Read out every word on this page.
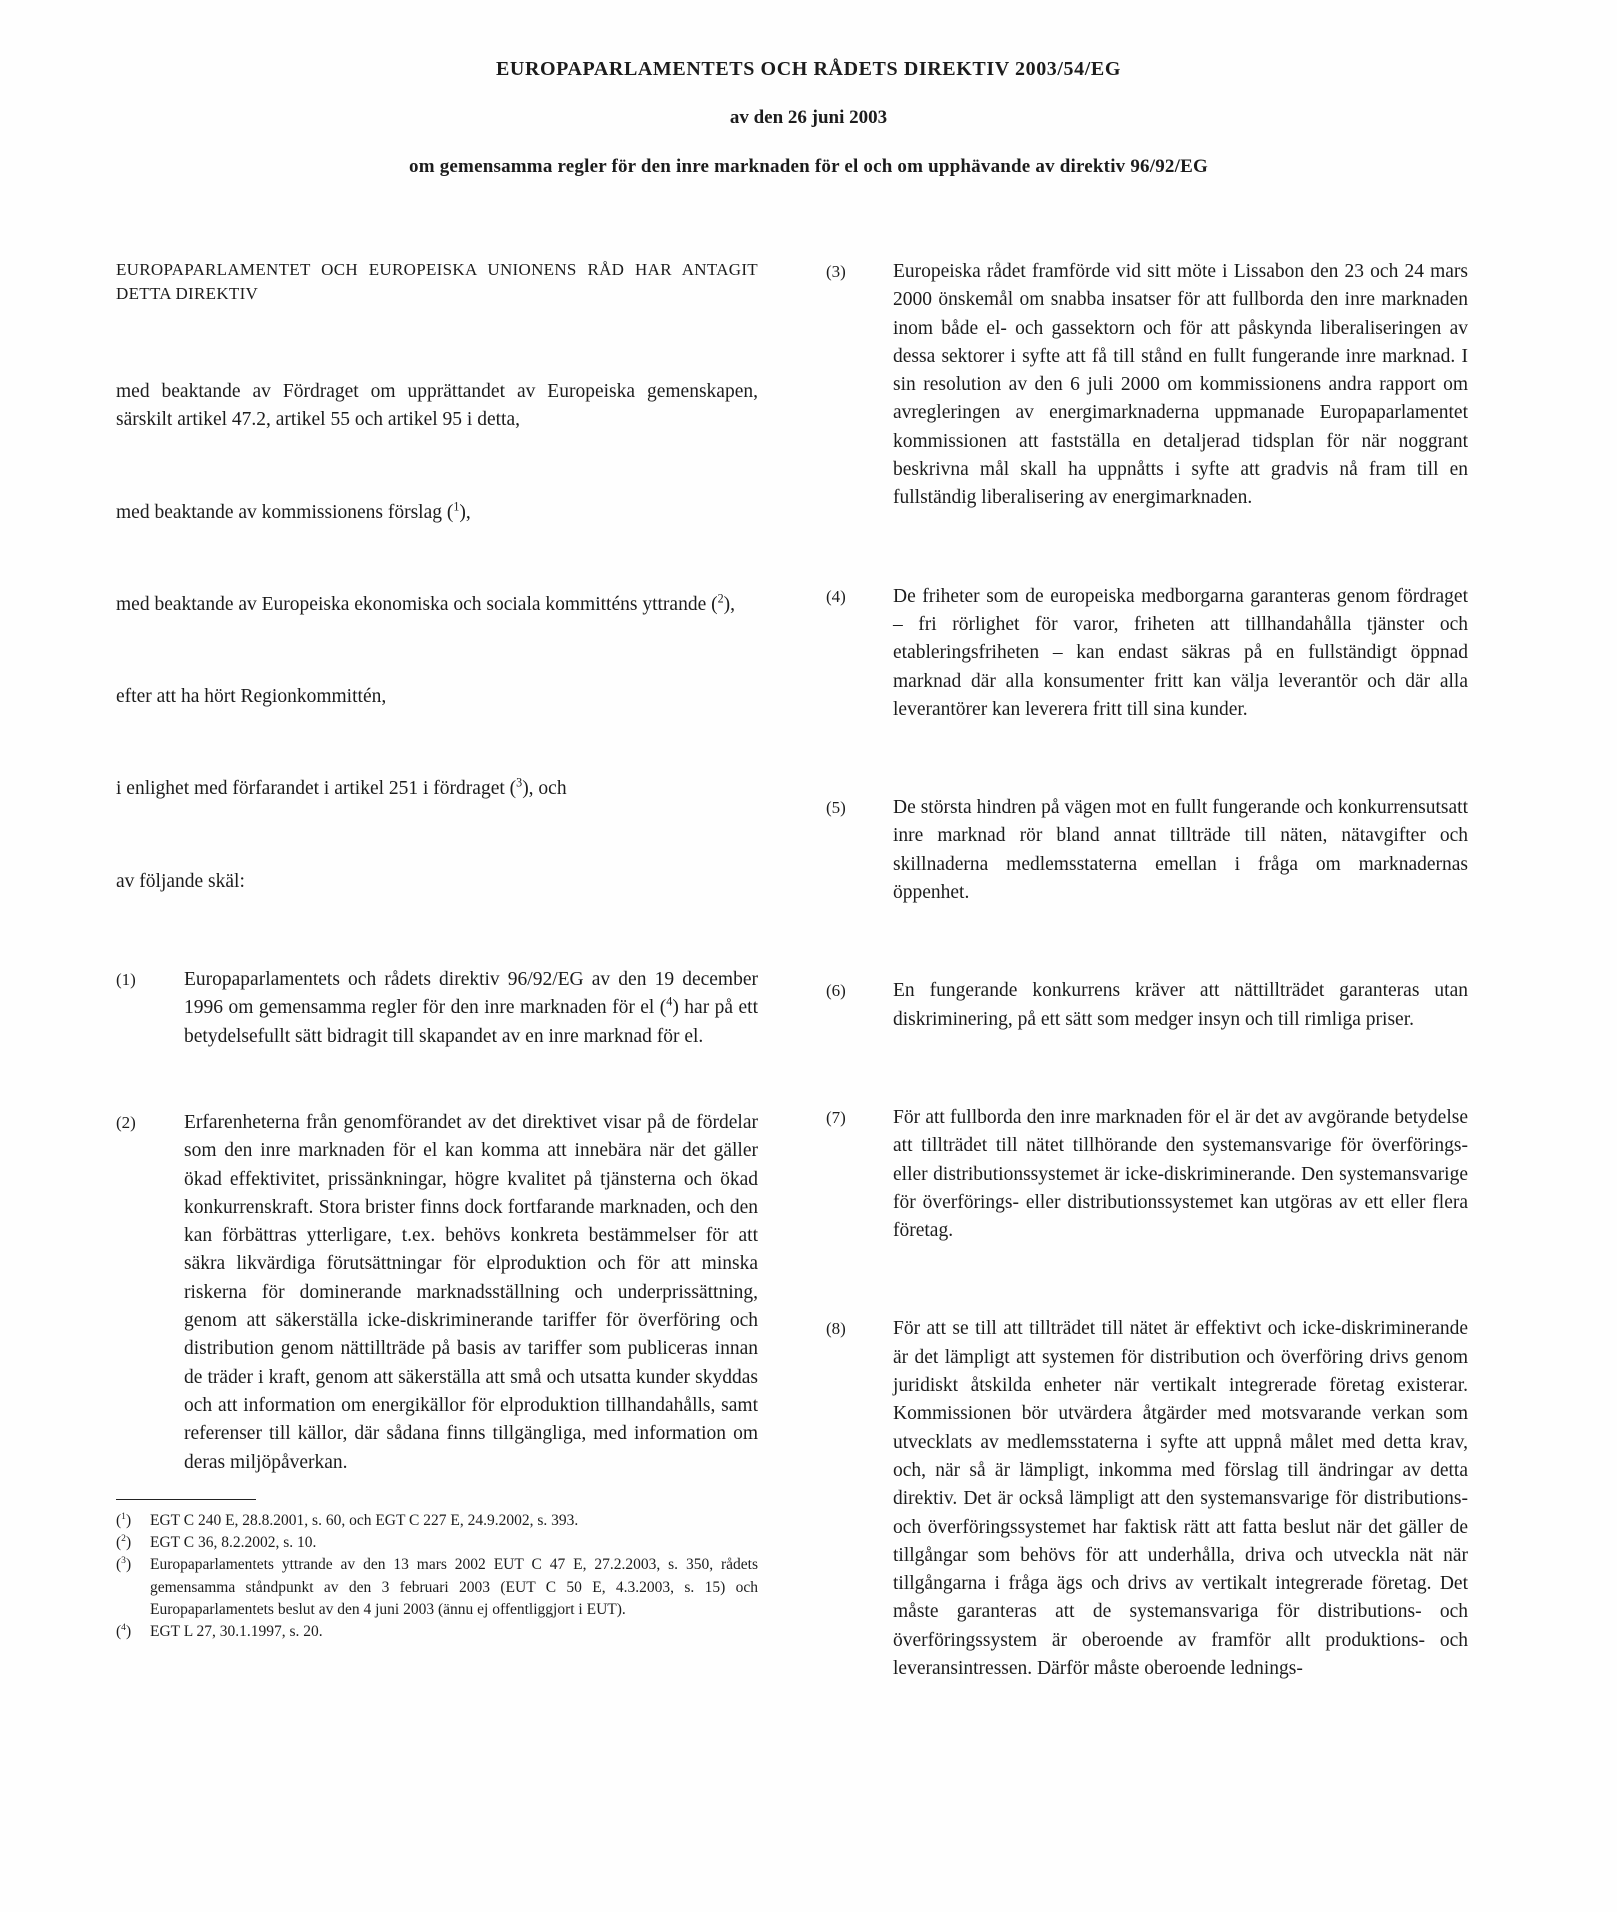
EUROPAPARLAMENTETS OCH RÅDETS DIREKTIV 2003/54/EG

av den 26 juni 2003

om gemensamma regler för den inre marknaden för el och om upphävande av direktiv 96/92/EG

EUROPAPARLAMENTET OCH EUROPEISKA UNIONENS RÅD HAR ANTAGIT DETTA DIREKTIV

med beaktande av Fördraget om upprättandet av Europeiska gemenskapen, särskilt artikel 47.2, artikel 55 och artikel 95 i detta,

med beaktande av kommissionens förslag ($^1$),

med beaktande av Europeiska ekonomiska och sociala kommitténs yttrande ($^2$),

efter att ha hört Regionkommittén,

i enlighet med förfarandet i artikel 251 i fördraget ($^3$), och

av följande skäl:

(1)	Europaparlamentets och rådets direktiv 96/92/EG av den 19 december 1996 om gemensamma regler för den inre marknaden för el ($^4$) har på ett betydelsefullt sätt bidragit till skapandet av en inre marknad för el.

(2)	Erfarenheterna från genomförandet av det direktivet visar på de fördelar som den inre marknaden för el kan komma att innebära när det gäller ökad effektivitet, prissänkningar, högre kvalitet på tjänsterna och ökad konkurrenskraft. Stora brister finns dock fortfarande marknaden, och den kan förbättras ytterligare, t.ex. behövs konkreta bestämmelser för att säkra likvärdiga förutsättningar för elproduktion och för att minska riskerna för dominerande marknadsställning och underprissättning, genom att säkerställa icke-diskriminerande tariffer för överföring och distribution genom nättillträde på basis av tariffer som publiceras innan de träder i kraft, genom att säkerställa att små och utsatta kunder skyddas och att information om energikällor för elproduktion tillhandahålls, samt referenser till källor, där sådana finns tillgängliga, med information om deras miljöpåverkan.

($^1$)	EGT C 240 E, 28.8.2001, s. 60, och EGT C 227 E, 24.9.2002, s. 393.

($^2$)	EGT C 36, 8.2.2002, s. 10.

($^3$)	Europaparlamentets yttrande av den 13 mars 2002 EUT C 47 E, 27.2.2003, s. 350, rådets gemensamma ståndpunkt av den 3 februari 2003 (EUT C 50 E, 4.3.2003, s. 15) och Europaparlamentets beslut av den 4 juni 2003 (ännu ej offentliggjort i EUT).

($^4$)	EGT L 27, 30.1.1997, s. 20.

(3)	Europeiska rådet framförde vid sitt möte i Lissabon den 23 och 24 mars 2000 önskemål om snabba insatser för att fullborda den inre marknaden inom både el- och gassektorn och för att påskynda liberaliseringen av dessa sektorer i syfte att få till stånd en fullt fungerande inre marknad. I sin resolution av den 6 juli 2000 om kommissionens andra rapport om avregleringen av energimarknaderna uppmanade Europaparlamentet kommissionen att fastställa en detaljerad tidsplan för när noggrant beskrivna mål skall ha uppnåtts i syfte att gradvis nå fram till en fullständig liberalisering av energimarknaden.

(4)	De friheter som de europeiska medborgarna garanteras genom fördraget – fri rörlighet för varor, friheten att tillhandahålla tjänster och etableringsfriheten – kan endast säkras på en fullständigt öppnad marknad där alla konsumenter fritt kan välja leverantör och där alla leverantörer kan leverera fritt till sina kunder.

(5)	De största hindren på vägen mot en fullt fungerande och konkurrensutsatt inre marknad rör bland annat tillträde till näten, nätavgifter och skillnaderna medlemsstaterna emellan i fråga om marknadernas öppenhet.

(6)	En fungerande konkurrens kräver att nättillträdet garanteras utan diskriminering, på ett sätt som medger insyn och till rimliga priser.

(7)	För att fullborda den inre marknaden för el är det av avgörande betydelse att tillträdet till nätet tillhörande den systemansvarige för överförings- eller distributionssystemet är icke-diskriminerande. Den systemansvarige för överförings- eller distributionssystemet kan utgöras av ett eller flera företag.

(8)	För att se till att tillträdet till nätet är effektivt och icke-diskriminerande är det lämpligt att systemen för distribution och överföring drivs genom juridiskt åtskilda enheter när vertikalt integrerade företag existerar. Kommissionen bör utvärdera åtgärder med motsvarande verkan som utvecklats av medlemsstaterna i syfte att uppnå målet med detta krav, och, när så är lämpligt, inkomma med förslag till ändringar av detta direktiv. Det är också lämpligt att den systemansvarige för distributions- och överföringssystemet har faktisk rätt att fatta beslut när det gäller de tillgångar som behövs för att underhålla, driva och utveckla nät när tillgångarna i fråga ägs och drivs av vertikalt integrerade företag. Det måste garanteras att de systemansvariga för distributions- och överföringssystem är oberoende av framför allt produktions- och leveransintressen. Därför måste oberoende lednings-
